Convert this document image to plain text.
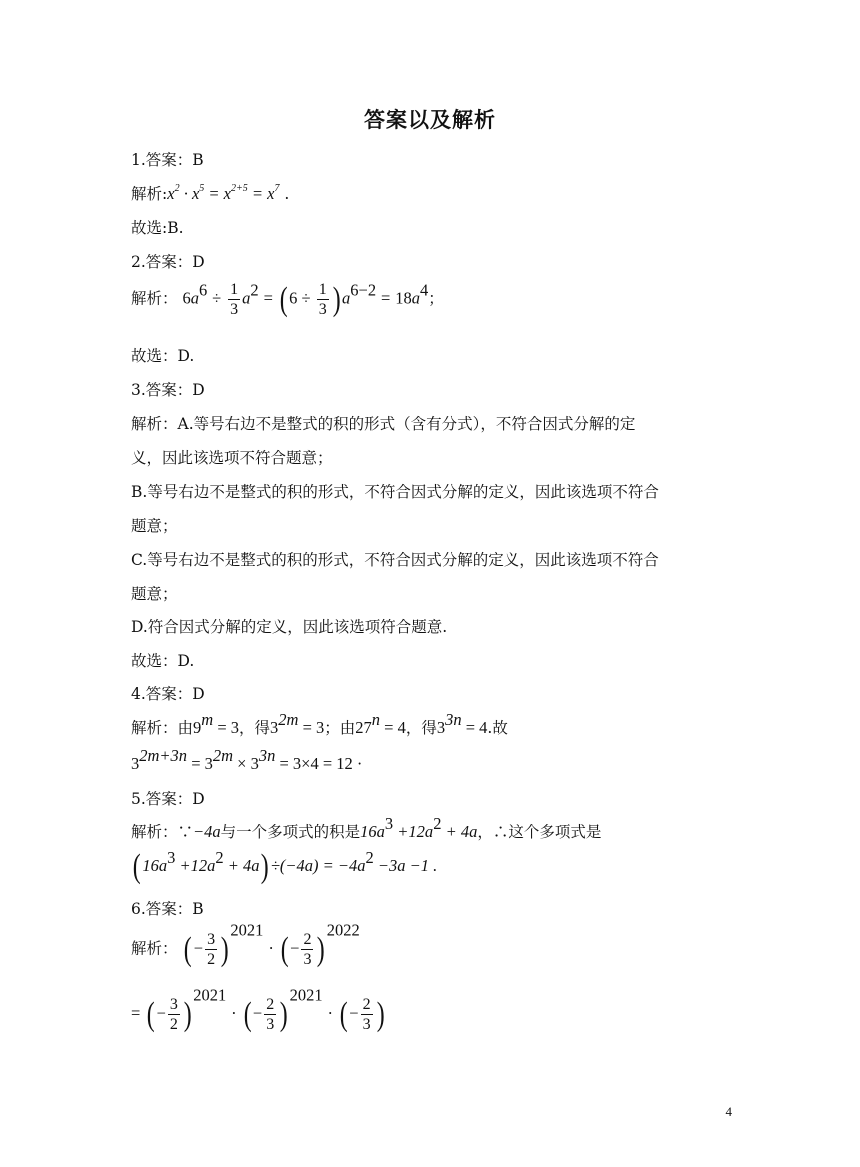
答案以及解析
1.答案：B
解析$:x^2 \cdot x^5 = x^{2+5} = x^7$ .
故选:B.
2.答案：D
解析： $6a^6 \div \frac{1}{3} a^2$ = ( $6 \div \frac{1}{3}$ ) $a^{6-2} = 18a^4$；
故选：D.
3.答案：D
解析：A.等号右边不是整式的积的形式（含有分式），不符合因式分解的定
义，因此该选项不符合题意；
B.等号右边不是整式的积的形式，不符合因式分解的定义，因此该选项不符合
题意；
C.等号右边不是整式的积的形式，不符合因式分解的定义，因此该选项不符合
题意；
D.符合因式分解的定义，因此该选项符合题意.
故选：D.
4.答案：D
解析：由$9^m = 3$，得$3^{2m} = 3$；由$27^n = 4$，得$3^{3n} = 4$.故
$3^{2m+3n} = 3^{2m} \times 3^{3n} = 3\times 4 = 12$ ·
5.答案：D
解析：∵−4a与一个多项式的积是$16a^3 +12a^2 + 4a$，∴这个多项式是
( $16a^3 +12a^2 + 4a) \div(-4a) = -4a^2 -3a -1$ .
6.答案：B
解析： ( − $\frac{3}{2} )^{2021}$ · ( − $\frac{2}{3} )^{2022}$
= ( − $\frac{3}{2} )^{2021}$ · ( − $\frac{2}{3} )^{2021}$ · ( − $\frac{2}{3}$ )
4
